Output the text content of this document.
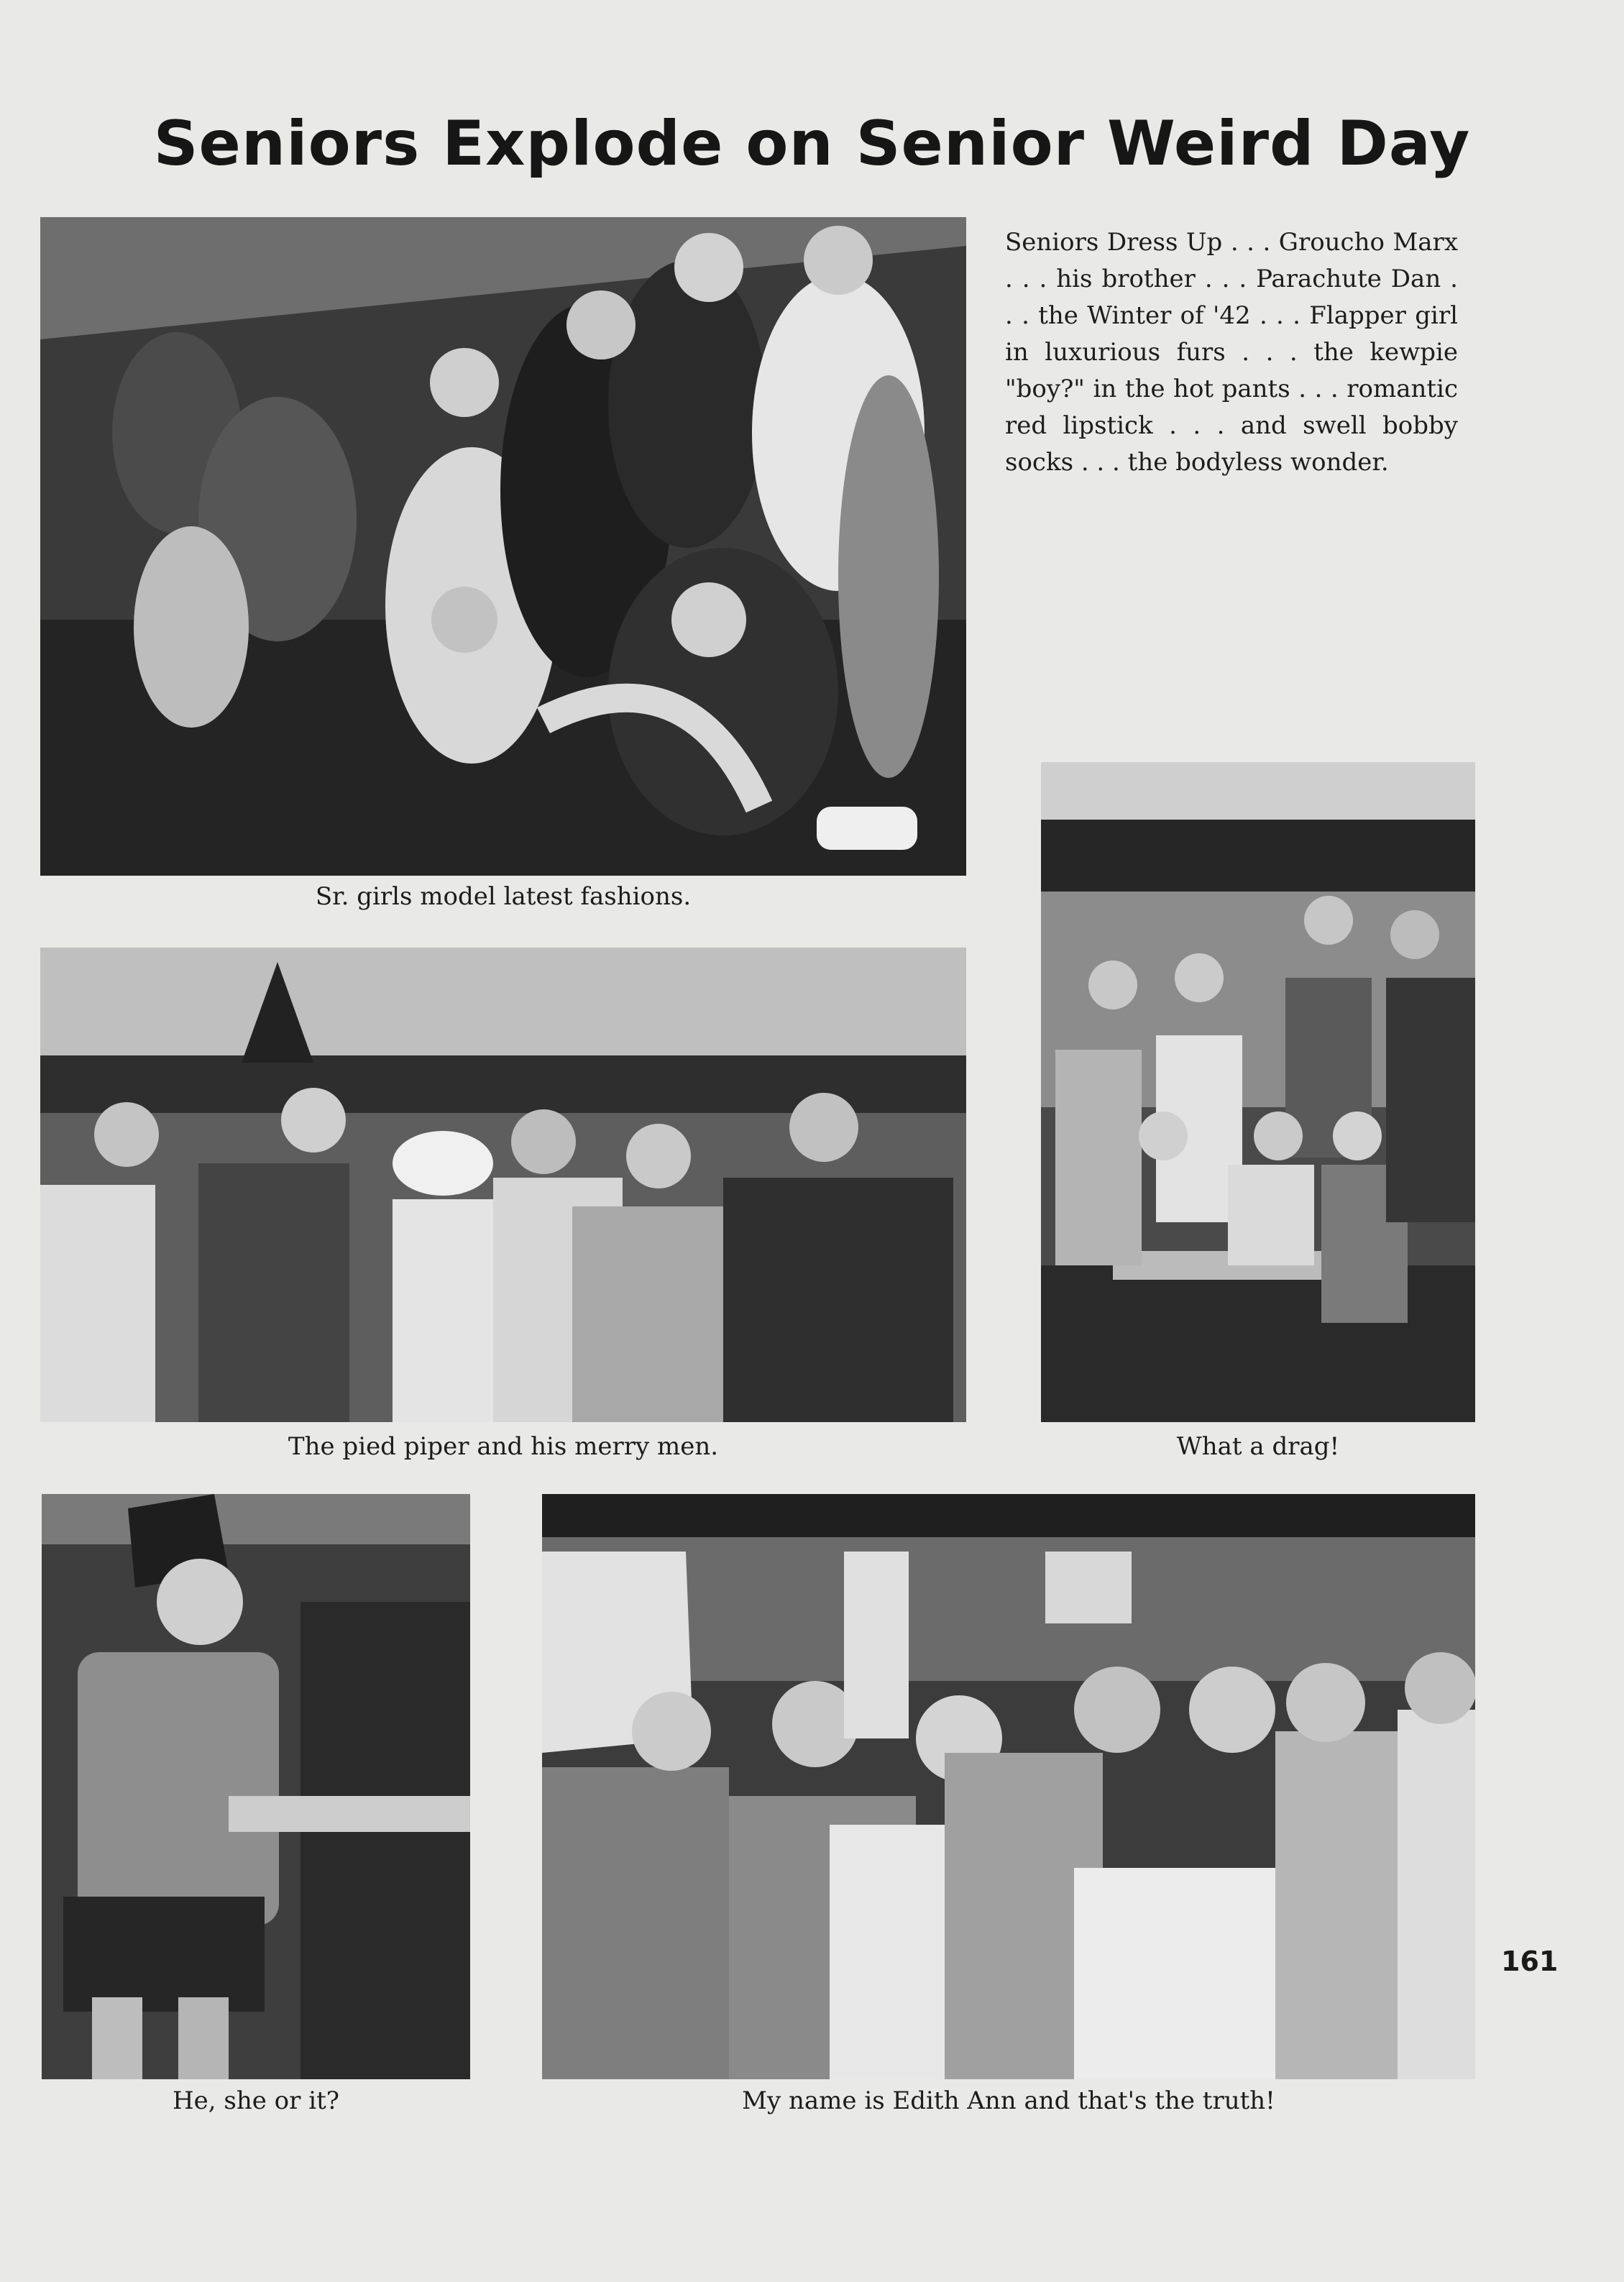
Seniors Explode on Senior Weird Day
Sr. girls model latest fashions.

Seniors Dress Up . . . Groucho Marx . . . his brother . . . Parachute Dan . . . the Winter of '42 . . . Flapper girl in luxurious furs . . . the kewpie "boy?" in the hot pants . . . romantic red lipstick . . . and swell bobby socks . . . the bodyless wonder.

The pied piper and his merry men.	What a drag!
He, she or it?	My name is Edith Ann and that's the truth!
161
